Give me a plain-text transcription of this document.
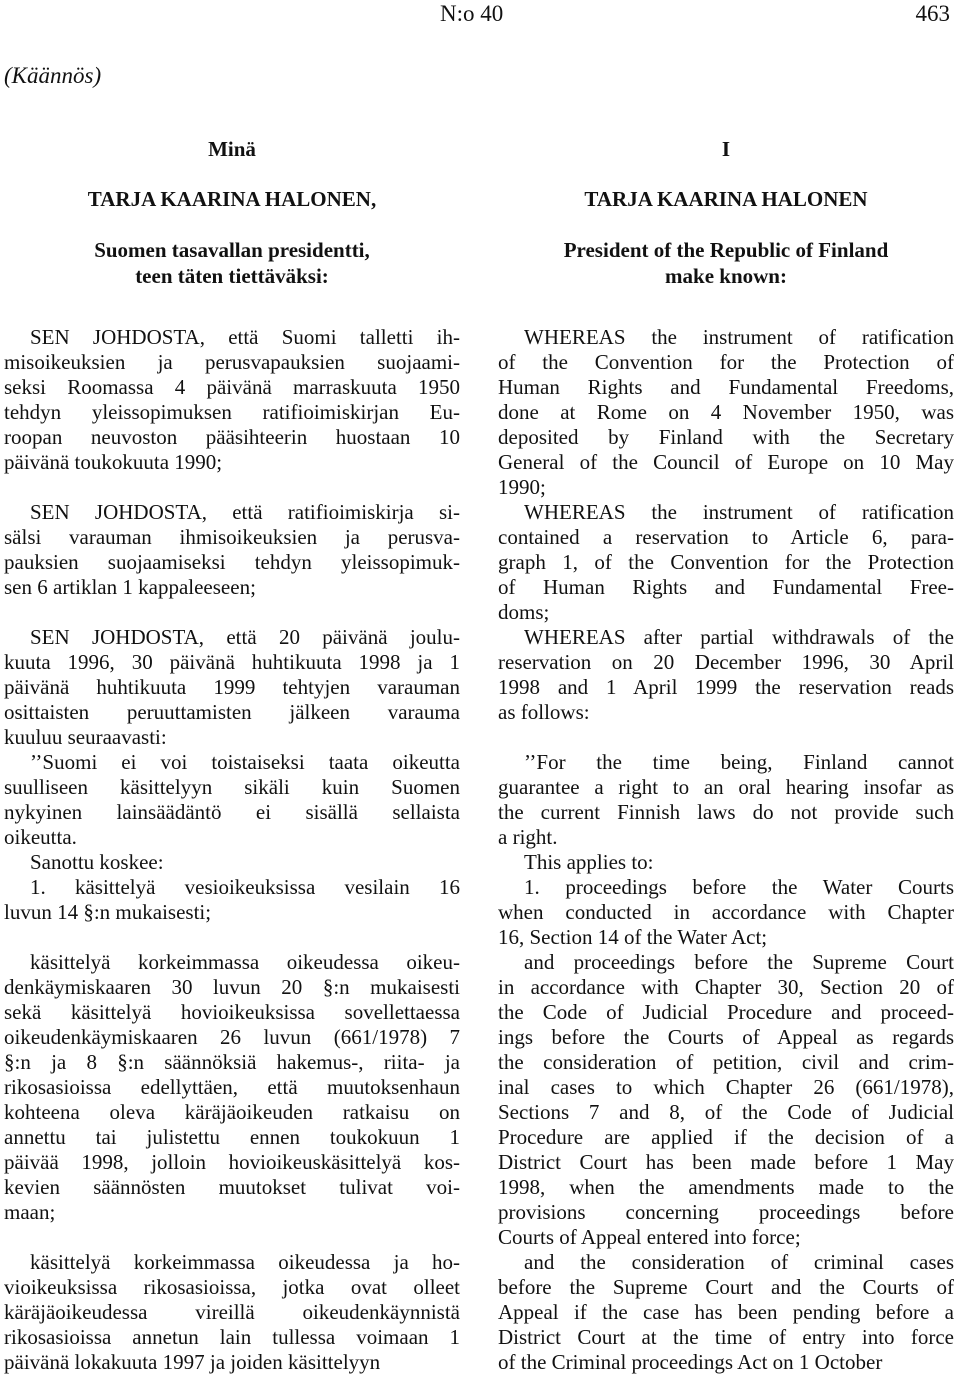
N:o 40	463
(Käännös)
Minä
TARJA KAARINA HALONEN,
Suomen tasavallan presidentti,
teen täten tiettäväksi:
SEN JOHDOSTA, että Suomi talletti ih-
misoikeuksien ja perusvapauksien suojaami-
seksi Roomassa 4 päivänä marraskuuta 1950
tehdyn yleissopimuksen ratifioimiskirjan Eu-
roopan neuvoston pääsihteerin huostaan 10
päivänä toukokuuta 1990;
SEN JOHDOSTA, että ratifioimiskirja si-
sälsi varauman ihmisoikeuksien ja perusva-
pauksien suojaamiseksi tehdyn yleissopimuk-
sen 6 artiklan 1 kappaleeseen;
SEN JOHDOSTA, että 20 päivänä joulu-
kuuta 1996, 30 päivänä huhtikuuta 1998 ja 1
päivänä huhtikuuta 1999 tehtyjen varauman
osittaisten peruuttamisten jälkeen varauma
kuuluu seuraavasti:
’’Suomi ei voi toistaiseksi taata oikeutta
suulliseen käsittelyyn sikäli kuin Suomen
nykyinen lainsäädäntö ei sisällä sellaista
oikeutta.
Sanottu koskee:
1. käsittelyä vesioikeuksissa vesilain 16
luvun 14 §:n mukaisesti;
käsittelyä korkeimmassa oikeudessa oikeu-
denkäymiskaaren 30 luvun 20 §:n mukaisesti
sekä käsittelyä hovioikeuksissa sovellettaessa
oikeudenkäymiskaaren 26 luvun (661/1978) 7
§:n ja 8 §:n säännöksiä hakemus-, riita- ja
rikosasioissa edellyttäen, että muutoksenhaun
kohteena oleva käräjäoikeuden ratkaisu on
annettu tai julistettu ennen toukokuun 1
päivää 1998, jolloin hovioikeuskäsittelyä kos-
kevien säännösten muutokset tulivat voi-
maan;
käsittelyä korkeimmassa oikeudessa ja ho-
vioikeuksissa rikosasioissa, jotka ovat olleet
käräjäoikeudessa vireillä oikeudenkäynnistä
rikosasioissa annetun lain tullessa voimaan 1
päivänä lokakuuta 1997 ja joiden käsittelyyn
I
TARJA KAARINA HALONEN
President of the Republic of Finland
make known:
WHEREAS the instrument of ratification
of the Convention for the Protection of
Human Rights and Fundamental Freedoms,
done at Rome on 4 November 1950, was
deposited by Finland with the Secretary
General of the Council of Europe on 10 May
1990;
WHEREAS the instrument of ratification
contained a reservation to Article 6, para-
graph 1, of the Convention for the Protection
of Human Rights and Fundamental Free-
doms;
WHEREAS after partial withdrawals of the
reservation on 20 December 1996, 30 April
1998 and 1 April 1999 the reservation reads
as follows:
’’For the time being, Finland cannot
guarantee a right to an oral hearing insofar as
the current Finnish laws do not provide such
a right.
This applies to:
1. proceedings before the Water Courts
when conducted in accordance with Chapter
16, Section 14 of the Water Act;
and proceedings before the Supreme Court
in accordance with Chapter 30, Section 20 of
the Code of Judicial Procedure and proceed-
ings before the Courts of Appeal as regards
the consideration of petition, civil and crim-
inal cases to which Chapter 26 (661/1978),
Sections 7 and 8, of the Code of Judicial
Procedure are applied if the decision of a
District Court has been made before 1 May
1998, when the amendments made to the
provisions concerning proceedings before
Courts of Appeal entered into force;
and the consideration of criminal cases
before the Supreme Court and the Courts of
Appeal if the case has been pending before a
District Court at the time of entry into force
of the Criminal proceedings Act on 1 October
